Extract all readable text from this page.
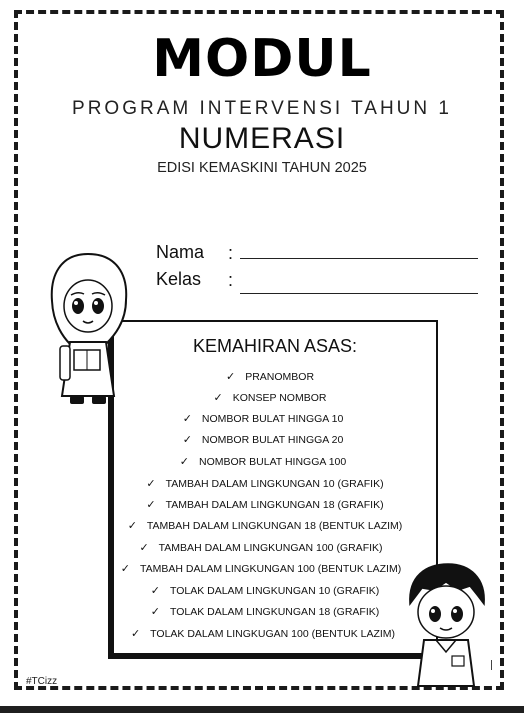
MODUL
PROGRAM INTERVENSI TAHUN 1
NUMERASI
EDISI KEMASKINI TAHUN 2025
Nama :
Kelas :
KEMAHIRAN ASAS:
✓ PRANOMBOR
✓ KONSEP NOMBOR
✓ NOMBOR BULAT HINGGA 10
✓ NOMBOR BULAT HINGGA 20
✓ NOMBOR BULAT HINGGA 100
✓ TAMBAH DALAM LINGKUNGAN 10 (GRAFIK)
✓ TAMBAH DALAM LINGKUNGAN 18 (GRAFIK)
✓ TAMBAH DALAM LINGKUNGAN 18 (BENTUK LAZIM)
✓ TAMBAH DALAM LINGKUNGAN 100 (GRAFIK)
✓ TAMBAH DALAM LINGKUNGAN 100 (BENTUK LAZIM)
✓ TOLAK DALAM LINGKUNGAN 10 (GRAFIK)
✓ TOLAK DALAM LINGKUNGAN 18 (GRAFIK)
✓ TOLAK DALAM LINGKUGAN 100 (BENTUK LAZIM)
#TCizz
